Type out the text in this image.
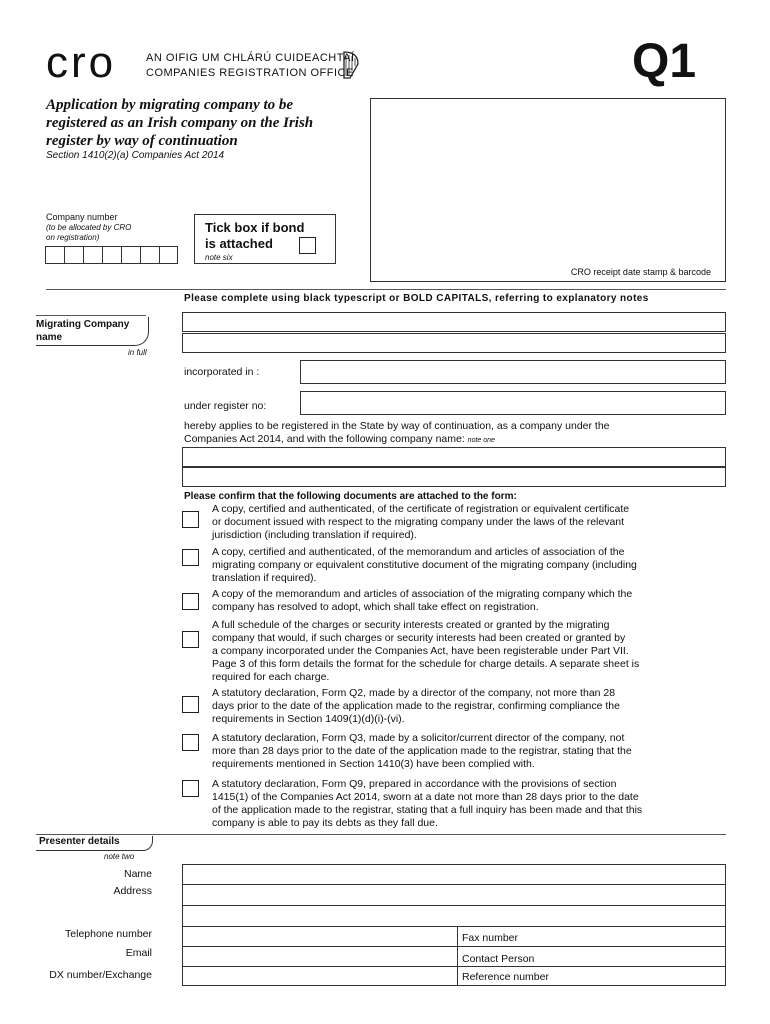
cro	AN OIFIG UM CHLÁRÚ CUIDEACHTAÍ
COMPANIES REGISTRATION OFFICE	Q1
Application by migrating company to be
registered as an Irish company on the Irish
register by way of continuation
Section 1410(2)(a) Companies Act 2014
Company number
(to be allocated by CRO
on registration)
Tick box if bond
is attached
note six
CRO receipt date stamp & barcode
Please complete using black typescript or BOLD CAPITALS, referring to explanatory notes
Migrating Company name
in full
incorporated in :
under register no:
hereby applies to be registered in the State by way of continuation, as a company under the
Companies Act 2014, and with the following company name: note one
Please confirm that the following documents are attached to the form:
A copy, certified and authenticated, of the certificate of registration or equivalent certificate
or document issued with respect to the migrating company under the laws of the relevant
jurisdiction (including translation if required).
A copy, certified and authenticated, of the memorandum and articles of association of the
migrating company or equivalent constitutive document of the migrating company (including
translation if required).
A copy of the memorandum and articles of association of the migrating company which the
company has resolved to adopt, which shall take effect on registration.
A full schedule of the charges or security interests created or granted by the migrating
company that would, if such charges or security interests had been created or granted by
a company incorporated under the Companies Act, have been registerable under Part VII.
Page 3 of this form details the format for the schedule for charge details. A separate sheet is
required for each charge.
A statutory declaration, Form Q2, made by a director of the company, not more than 28
days prior to the date of the application made to the registrar, confirming compliance the
requirements in Section 1409(1)(d)(i)-(vi).
A statutory declaration, Form Q3, made by a solicitor/current director of the company, not
more than 28 days prior to the date of the application made to the registrar, stating that the
requirements mentioned in Section 1410(3) have been complied with.
A statutory declaration, Form Q9, prepared in accordance with the provisions of section
1415(1) of the Companies Act 2014, sworn at a date not more than 28 days prior to the date
of the application made to the registrar, stating that a full inquiry has been made and that this
company is able to pay its debts as they fall due.
Presenter details
note two
Name
Address
Telephone number
Email
DX number/Exchange
Fax number
Contact Person
Reference number
